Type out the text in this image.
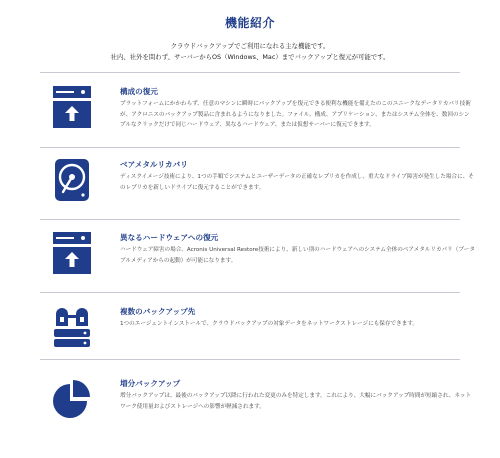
機能紹介
クラウドバックアップでご利用になれる主な機能です。
社内、社外を問わず、サーバーからOS（Windows、Mac）までバックアップと復元が可能です。
構成の復元
プラットフォームにかかわらず、任意のマシンに瞬時にバックアップを復元できる便利な機能を備えたのこのユニークなデータリカバリ技術が、アクロニスのバックアップ製品に含まれるようになりました。ファイル、構成、アプリケーション、またはシステム全体を、数回のシンプルなクリックだけで同じハードウェア、異なるハードウェア、または仮想サーバーに復元できます。
ベアメタルリカバリ
ディスクイメージ技術により、1つの手順でシステムとユーザーデータの正確なレプリカを作成し、重大なドライブ障害が発生した場合に、そのレプリカを新しいドライブに復元することができます。
異なるハードウェアへの復元
ハードウェア障害の場合、Acronis Universal Restore技術により、新しい別のハードウェアへのシステム全体のベアメタルリカバリ（ブータブルメディアからの起動）が可能になります。
複数のバックアップ先
1つのエージェントインストールで、クラウドバックアップの対象データをネットワークストレージにも保存できます。
増分バックアップ
増分バックアップは、最後のバックアップ以降に行われた変更のみを特定します。これにより、大幅にバックアップ時間が短縮され、ネットワーク使用量およびストレージへの影響が軽減されます。
